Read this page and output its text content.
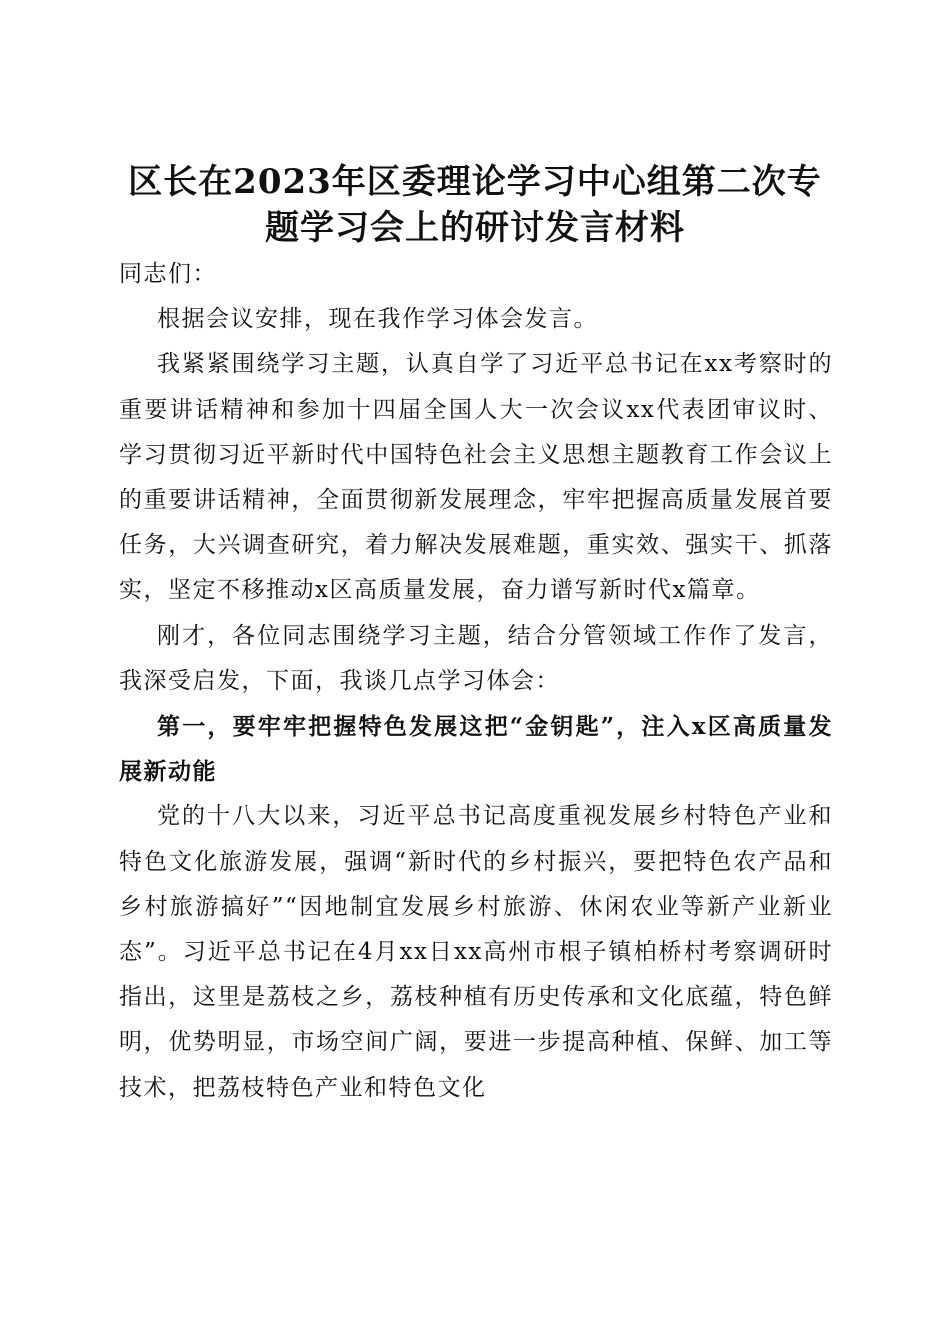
区长在2023年区委理论学习中心组第二次专
题学习会上的研讨发言材料

同志们：

根据会议安排，现在我作学习体会发言。

我紧紧围绕学习主题，认真自学了习近平总书记在xx考察时的重要讲话精神和参加十四届全国人大一次会议xx代表团审议时、学习贯彻习近平新时代中国特色社会主义思想主题教育工作会议上的重要讲话精神，全面贯彻新发展理念，牢牢把握高质量发展首要任务，大兴调查研究，着力解决发展难题，重实效、强实干、抓落实，坚定不移推动x区高质量发展，奋力谱写新时代x篇章。

刚才，各位同志围绕学习主题，结合分管领域工作作了发言，我深受启发，下面，我谈几点学习体会：

第一，要牢牢把握特色发展这把“金钥匙”，注入x区高质量发展新动能

党的十八大以来，习近平总书记高度重视发展乡村特色产业和特色文化旅游发展，强调“新时代的乡村振兴，要把特色农产品和乡村旅游搞好”“因地制宜发展乡村旅游、休闲农业等新产业新业态”。习近平总书记在4月xx日xx高州市根子镇柏桥村考察调研时指出，这里是荔枝之乡，荔枝种植有历史传承和文化底蕴，特色鲜明，优势明显，市场空间广阔，要进一步提高种植、保鲜、加工等技术，把荔枝特色产业和特色文化
